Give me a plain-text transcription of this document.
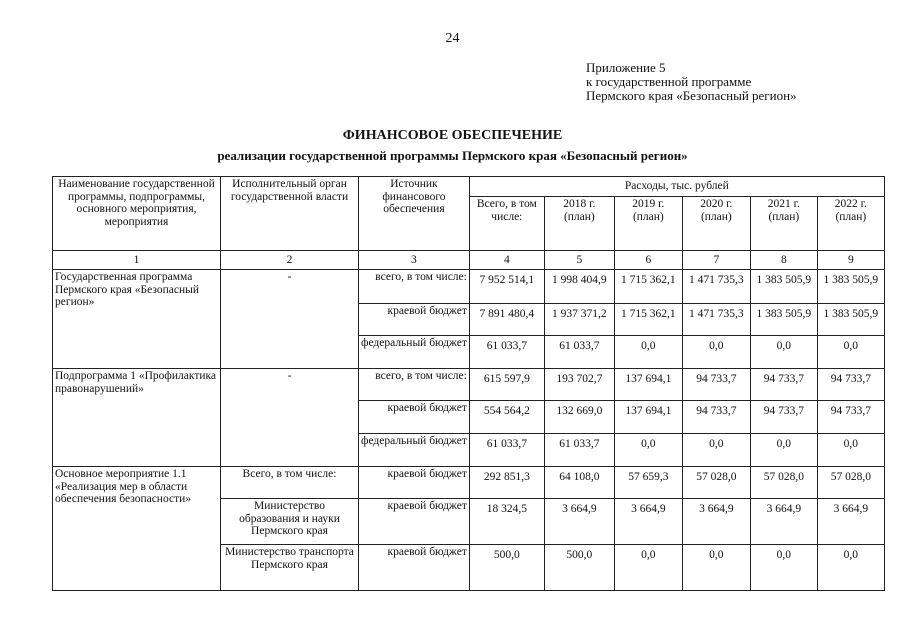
24
Приложение 5
к государственной программе
Пермского края «Безопасный регион»
ФИНАНСОВОЕ ОБЕСПЕЧЕНИЕ
реализации государственной программы Пермского края «Безопасный регион»
Наименование государственной программы, подпрограммы, основного мероприятия, мероприятия	Исполнительный орган государственной власти	Источник финансового обеспечения	Расходы, тыс. рублей					
			Всего, в том числе:	2018 г. (план)	2019 г. (план)	2020 г. (план)	2021 г. (план)	2022 г. (план)
1	2	3	4	5	6	7	8	9
Государственная программа Пермского края «Безопасный регион»	-	всего, в том числе:	7 952 514,1	1 998 404,9	1 715 362,1	1 471 735,3	1 383 505,9	1 383 505,9
		краевой бюджет	7 891 480,4	1 937 371,2	1 715 362,1	1 471 735,3	1 383 505,9	1 383 505,9
		федеральный бюджет	61 033,7	61 033,7	0,0	0,0	0,0	0,0
Подпрограмма 1 «Профилактика правонарушений»	-	всего, в том числе:	615 597,9	193 702,7	137 694,1	94 733,7	94 733,7	94 733,7
		краевой бюджет	554 564,2	132 669,0	137 694,1	94 733,7	94 733,7	94 733,7
		федеральный бюджет	61 033,7	61 033,7	0,0	0,0	0,0	0,0
Основное мероприятие 1.1 «Реализация мер в области обеспечения безопасности»	Всего, в том числе:	краевой бюджет	292 851,3	64 108,0	57 659,3	57 028,0	57 028,0	57 028,0
	Министерство образования и науки Пермского края	краевой бюджет	18 324,5	3 664,9	3 664,9	3 664,9	3 664,9	3 664,9
	Министерство транспорта Пермского края	краевой бюджет	500,0	500,0	0,0	0,0	0,0	0,0
